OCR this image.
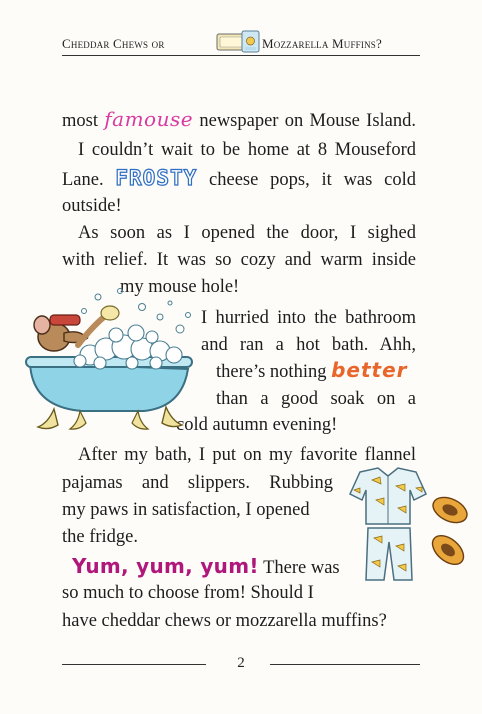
Cheddar Chews or	Mozzarella Muffins?
most famouse newspaper on Mouse Island.
I couldn’t wait to be home at 8 Mouseford
Lane. FROSTY cheese pops, it was cold
outside!
As soon as I opened the door, I sighed
with relief. It was so cozy and warm inside
my mouse hole!
I hurried into the bathroom
and ran a hot bath. Ahh,
there’s nothing better
than a good soak on a
cold autumn evening!
After my bath, I put on my favorite flannel
pajamas and slippers. Rubbing
my paws in satisfaction, I opened
the fridge.
Yum, yum, yum! There was
so much to choose from! Should I
have cheddar chews or mozzarella muffins?
2
